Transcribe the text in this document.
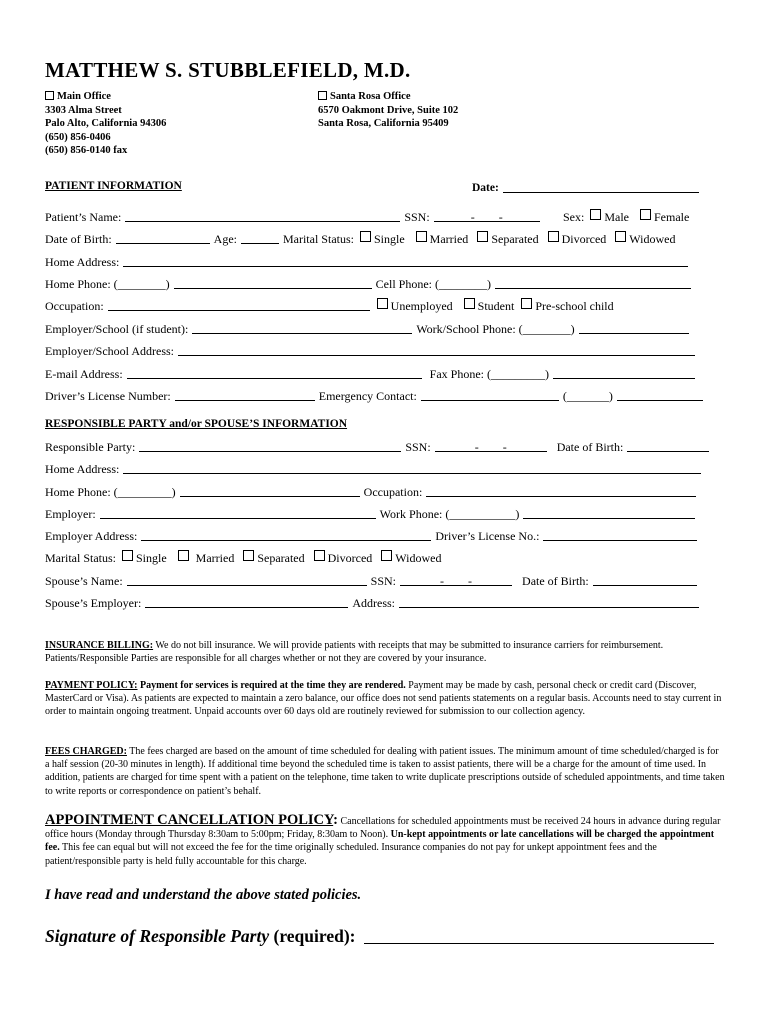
MATTHEW S. STUBBLEFIELD, M.D.
Main Office
3303 Alma Street
Palo Alto, California 94306
(650) 856-0406
(650) 856-0140 fax
Santa Rosa Office
6570 Oakmont Drive, Suite 102
Santa Rosa, California 95409
PATIENT INFORMATION	Date:
Patient’s Name:	SSN:	- -	Sex: Male Female
Date of Birth:	Age:	Marital Status: Single Married Separated Divorced Widowed
Home Address:
Home Phone: (________)	Cell Phone: (________)
Occupation:	Unemployed Student Pre-school child
Employer/School (if student):	Work/School Phone: (________)
Employer/School Address:
E-mail Address:	Fax Phone: (_________)
Driver’s License Number:	Emergency Contact:	(_______)
RESPONSIBLE PARTY and/or SPOUSE’S INFORMATION
Responsible Party:	SSN:	- -	Date of Birth:
Home Address:
Home Phone: (_________)	Occupation:
Employer:	Work Phone: (___________)
Employer Address:	Driver’s License No.:
Marital Status: Single Married Separated Divorced Widowed
Spouse’s Name:	SSN:	- -	Date of Birth:
Spouse’s Employer:	Address:
INSURANCE BILLING: We do not bill insurance. We will provide patients with receipts that may be submitted to insurance carriers for reimbursement. Patients/Responsible Parties are responsible for all charges whether or not they are covered by your insurance.
PAYMENT POLICY: Payment for services is required at the time they are rendered. Payment may be made by cash, personal check or credit card (Discover, MasterCard or Visa). As patients are expected to maintain a zero balance, our office does not send patients statements on a regular basis. Accounts need to stay current in order to maintain ongoing treatment. Unpaid accounts over 60 days old are routinely reviewed for submission to our collection agency.
FEES CHARGED: The fees charged are based on the amount of time scheduled for dealing with patient issues. The minimum amount of time scheduled/charged is for a half session (20-30 minutes in length). If additional time beyond the scheduled time is taken to assist patients, there will be a charge for the amount of time used. In addition, patients are charged for time spent with a patient on the telephone, time taken to write duplicate prescriptions outside of scheduled appointments, and time taken to write reports or correspondence on patient’s behalf.
APPOINTMENT CANCELLATION POLICY: Cancellations for scheduled appointments must be received 24 hours in advance during regular office hours (Monday through Thursday 8:30am to 5:00pm; Friday, 8:30am to Noon). Un-kept appointments or late cancellations will be charged the appointment fee. This fee can equal but will not exceed the fee for the time originally scheduled. Insurance companies do not pay for unkept appointment fees and the patient/responsible party is held fully accountable for this charge.
I have read and understand the above stated policies.
Signature of Responsible Party (required):
